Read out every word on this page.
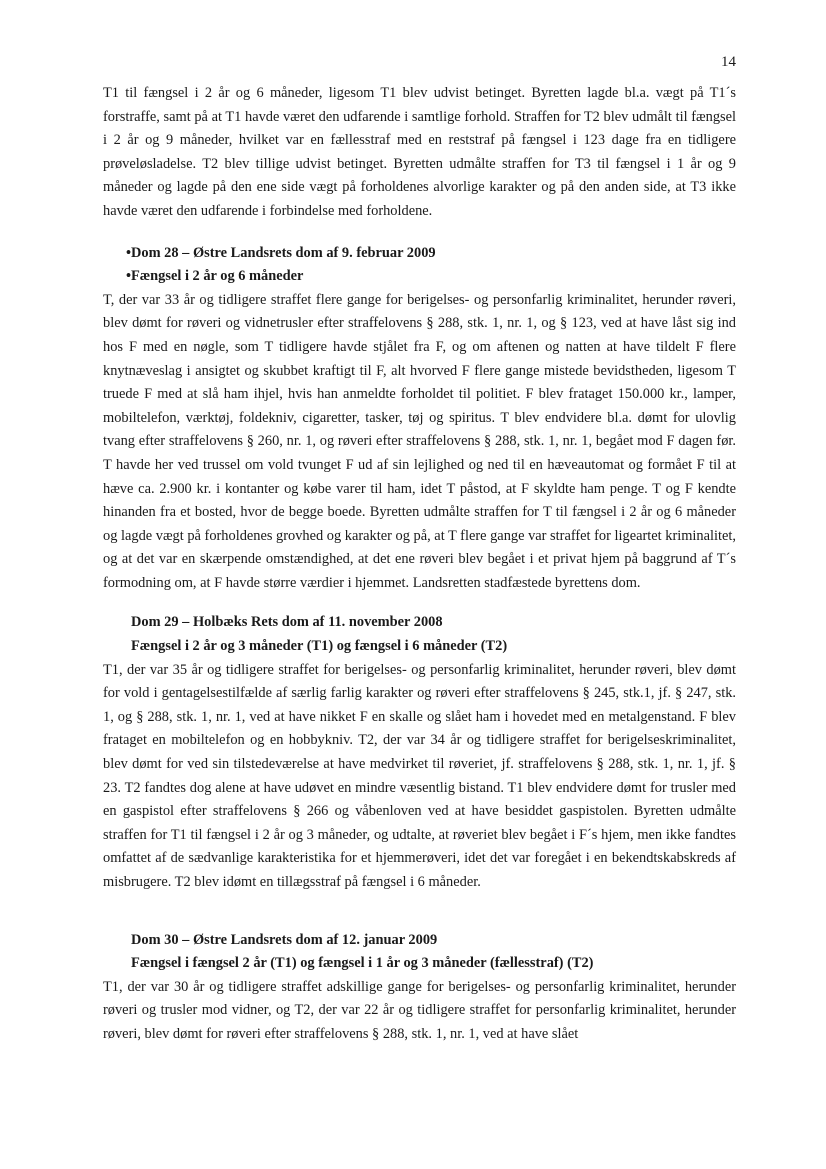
14

T1 til fængsel i 2 år og 6 måneder, ligesom T1 blev udvist betinget. Byretten lagde bl.a. vægt på T1´s forstraffe, samt på at T1 havde været den udfarende i samtlige forhold. Straffen for T2 blev udmålt til fængsel i 2 år og 9 måneder, hvilket var en fællesstraf med en reststraf på fængsel i 123 dage fra en tidligere prøveløsladelse. T2 blev tillige udvist betinget. Byretten udmålte straffen for T3 til fængsel i 1 år og 9 måneder og lagde på den ene side vægt på forholdenes alvorlige karakter og på den anden side, at T3 ikke havde været den udfarende i forbindelse med forholdene.

• Dom 28 – Østre Landsrets dom af 9. februar 2009
• Fængsel i 2 år og 6 måneder

T, der var 33 år og tidligere straffet flere gange for berigelses- og personfarlig kriminalitet, herunder røveri, blev dømt for røveri og vidnetrusler efter straffelovens § 288, stk. 1, nr. 1, og § 123, ved at have låst sig ind hos F med en nøgle, som T tidligere havde stjålet fra F, og om aftenen og natten at have tildelt F flere knytnæveslag i ansigtet og skubbet kraftigt til F, alt hvorved F flere gange mistede bevidstheden, ligesom T truede F med at slå ham ihjel, hvis han anmeldte forholdet til politiet. F blev frataget 150.000 kr., lamper, mobiltelefon, værktøj, foldekniv, cigaretter, tasker, tøj og spiritus. T blev endvidere bl.a. dømt for ulovlig tvang efter straffelovens § 260, nr. 1, og røveri efter straffelovens § 288, stk. 1, nr. 1, begået mod F dagen før. T havde her ved trussel om vold tvunget F ud af sin lejlighed og ned til en hæveautomat og formået F til at hæve ca. 2.900 kr. i kontanter og købe varer til ham, idet T påstod, at F skyldte ham penge. T og F kendte hinanden fra et bosted, hvor de begge boede. Byretten udmålte straffen for T til fængsel i 2 år og 6 måneder og lagde vægt på forholdenes grovhed og karakter og på, at T flere gange var straffet for ligeartet kriminalitet, og at det var en skærpende omstændighed, at det ene røveri blev begået i et privat hjem på baggrund af T´s formodning om, at F havde større værdier i hjemmet. Landsretten stadfæstede byrettens dom.

Dom 29 – Holbæks Rets dom af 11. november 2008
Fængsel i 2 år og 3 måneder (T1) og fængsel i 6 måneder (T2)

T1, der var 35 år og tidligere straffet for berigelses- og personfarlig kriminalitet, herunder røveri, blev dømt for vold i gentagelsestilfælde af særlig farlig karakter og røveri efter straffelovens § 245, stk.1, jf. § 247, stk. 1, og § 288, stk. 1, nr. 1, ved at have nikket F en skalle og slået ham i hovedet med en metalgenstand. F blev frataget en mobiltelefon og en hobbykniv. T2, der var 34 år og tidligere straffet for berigelseskriminalitet, blev dømt for ved sin tilstedeværelse at have medvirket til røveriet, jf. straffelovens § 288, stk. 1, nr. 1, jf. § 23. T2 fandtes dog alene at have udøvet en mindre væsentlig bistand. T1 blev endvidere dømt for trusler med en gaspistol efter straffelovens § 266 og våbenloven ved at have besiddet gaspistolen. Byretten udmålte straffen for T1 til fængsel i 2 år og 3 måneder, og udtalte, at røveriet blev begået i F´s hjem, men ikke fandtes omfattet af de sædvanlige karakteristika for et hjemmerøveri, idet det var foregået i en bekendtskabskreds af misbrugere. T2 blev idømt en tillægsstraf på fængsel i 6 måneder.

Dom 30 – Østre Landsrets dom af 12. januar 2009
Fængsel i fængsel 2 år (T1) og fængsel i 1 år og 3 måneder (fællesstraf) (T2)

T1, der var 30 år og tidligere straffet adskillige gange for berigelses- og personfarlig kriminalitet, herunder røveri og trusler mod vidner, og T2, der var 22 år og tidligere straffet for personfarlig kriminalitet, herunder røveri, blev dømt for røveri efter straffelovens § 288, stk. 1, nr. 1, ved at have slået
